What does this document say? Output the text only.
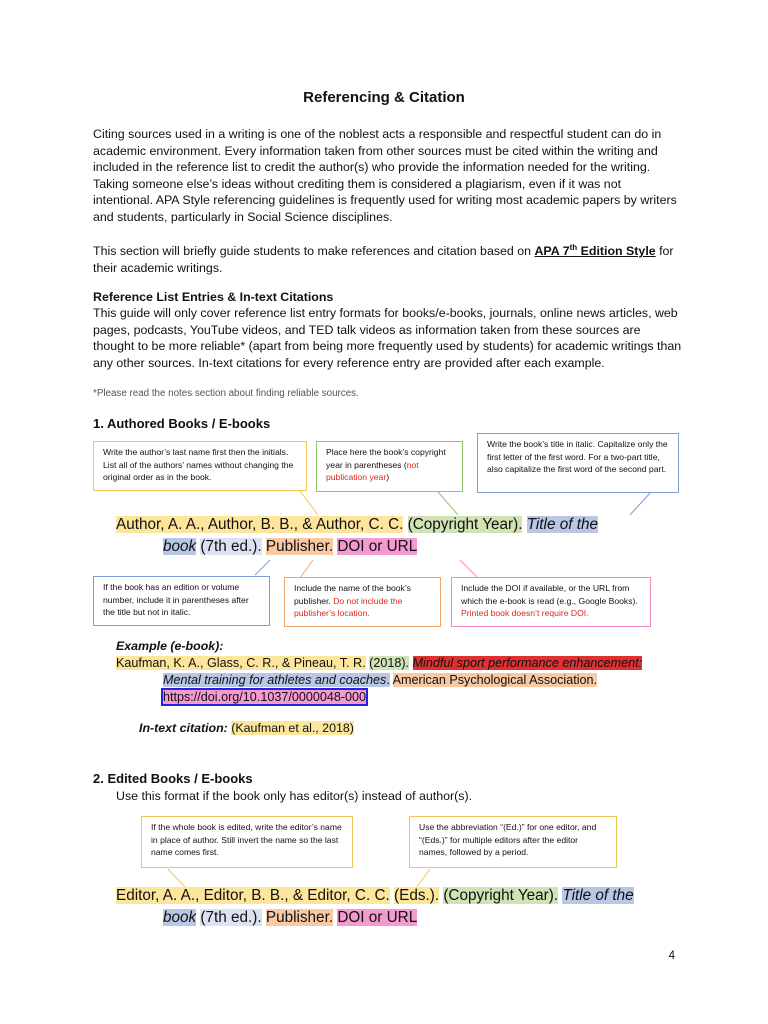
Referencing & Citation
Citing sources used in a writing is one of the noblest acts a responsible and respectful student can do in academic environment. Every information taken from other sources must be cited within the writing and included in the reference list to credit the author(s) who provide the information needed for the writing. Taking someone else’s ideas without crediting them is considered a plagiarism, even if it was not intentional. APA Style referencing guidelines is frequently used for writing most academic papers by writers and students, particularly in Social Science disciplines.
This section will briefly guide students to make references and citation based on APA 7th Edition Style for their academic writings.
Reference List Entries & In-text Citations
This guide will only cover reference list entry formats for books/e-books, journals, online news articles, web pages, podcasts, YouTube videos, and TED talk videos as information taken from these sources are thought to be more reliable* (apart from being more frequently used by students) for academic writings than any other sources. In-text citations for every reference entry are provided after each example.
*Please read the notes section about finding reliable sources.
1. Authored Books / E-books
Write the author’s last name first then the initials. List all of the authors’ names without changing the original order as in the book.
Place here the book’s copyright year in parentheses (not publication year)
Write the book’s title in italic. Capitalize only the first letter of the first word. For a two-part title, also capitalize the first word of the second part.
Author, A. A., Author, B. B., & Author, C. C. (Copyright Year). Title of the
book (7th ed.). Publisher. DOI or URL
If the book has an edition or volume number, include it in parentheses after the title but not in italic.
Include the name of the book’s publisher. Do not include the publisher’s location.
Include the DOI if available, or the URL from which the e-book is read (e.g., Google Books). Printed book doesn’t require DOI.
Example (e-book):
Kaufman, K. A., Glass, C. R., & Pineau, T. R. (2018). Mindful sport performance enhancement:
Mental training for athletes and coaches. American Psychological Association.
https://doi.org/10.1037/0000048-000
In-text citation: (Kaufman et al., 2018)
2. Edited Books / E-books
Use this format if the book only has editor(s) instead of author(s).
If the whole book is edited, write the editor’s name in place of author. Still invert the name so the last name comes first.
Use the abbreviation “(Ed.)” for one editor, and “(Eds.)” for multiple editors after the editor names, followed by a period.
Editor, A. A., Editor, B. B., & Editor, C. C. (Eds.). (Copyright Year). Title of the
book (7th ed.). Publisher. DOI or URL
4
